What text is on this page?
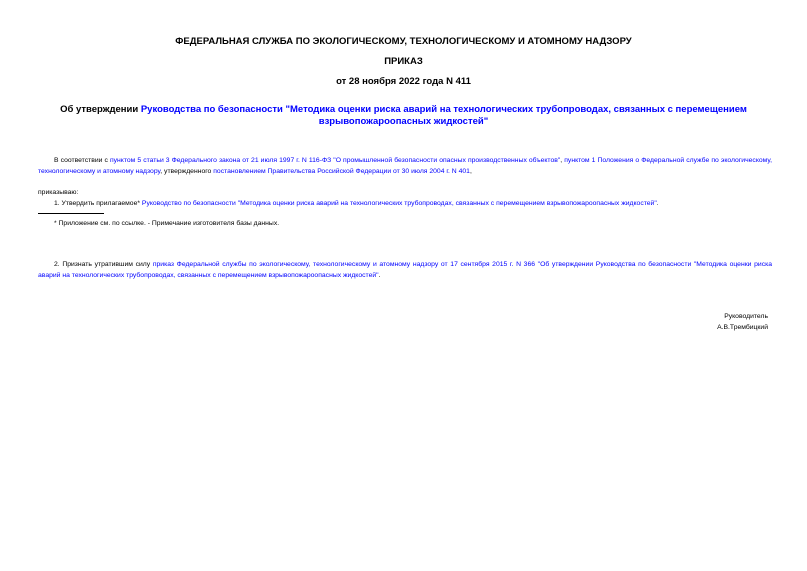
ФЕДЕРАЛЬНАЯ СЛУЖБА ПО ЭКОЛОГИЧЕСКОМУ, ТЕХНОЛОГИЧЕСКОМУ И АТОМНОМУ НАДЗОРУ
ПРИКАЗ
от 28 ноября 2022 года N 411
Об утверждении Руководства по безопасности "Методика оценки риска аварий на технологических трубопроводах, связанных с перемещением взрывопожароопасных жидкостей"
В соответствии с пунктом 5 статьи 3 Федерального закона от 21 июля 1997 г. N 116-ФЗ "О промышленной безопасности опасных производственных объектов", пунктом 1 Положения о Федеральной службе по экологическому, технологическому и атомному надзору, утвержденного постановлением Правительства Российской Федерации от 30 июля 2004 г. N 401,
приказываю:
1. Утвердить прилагаемое* Руководство по безопасности "Методика оценки риска аварий на технологических трубопроводах, связанных с перемещением взрывопожароопасных жидкостей".
* Приложение см. по ссылке. - Примечание изготовителя базы данных.
2. Признать утратившим силу приказ Федеральной службы по экологическому, технологическому и атомному надзору от 17 сентября 2015 г. N 366 "Об утверждении Руководства по безопасности "Методика оценки риска аварий на технологических трубопроводах, связанных с перемещением взрывопожароопасных жидкостей".
Руководитель
А.В.Трембицкий
